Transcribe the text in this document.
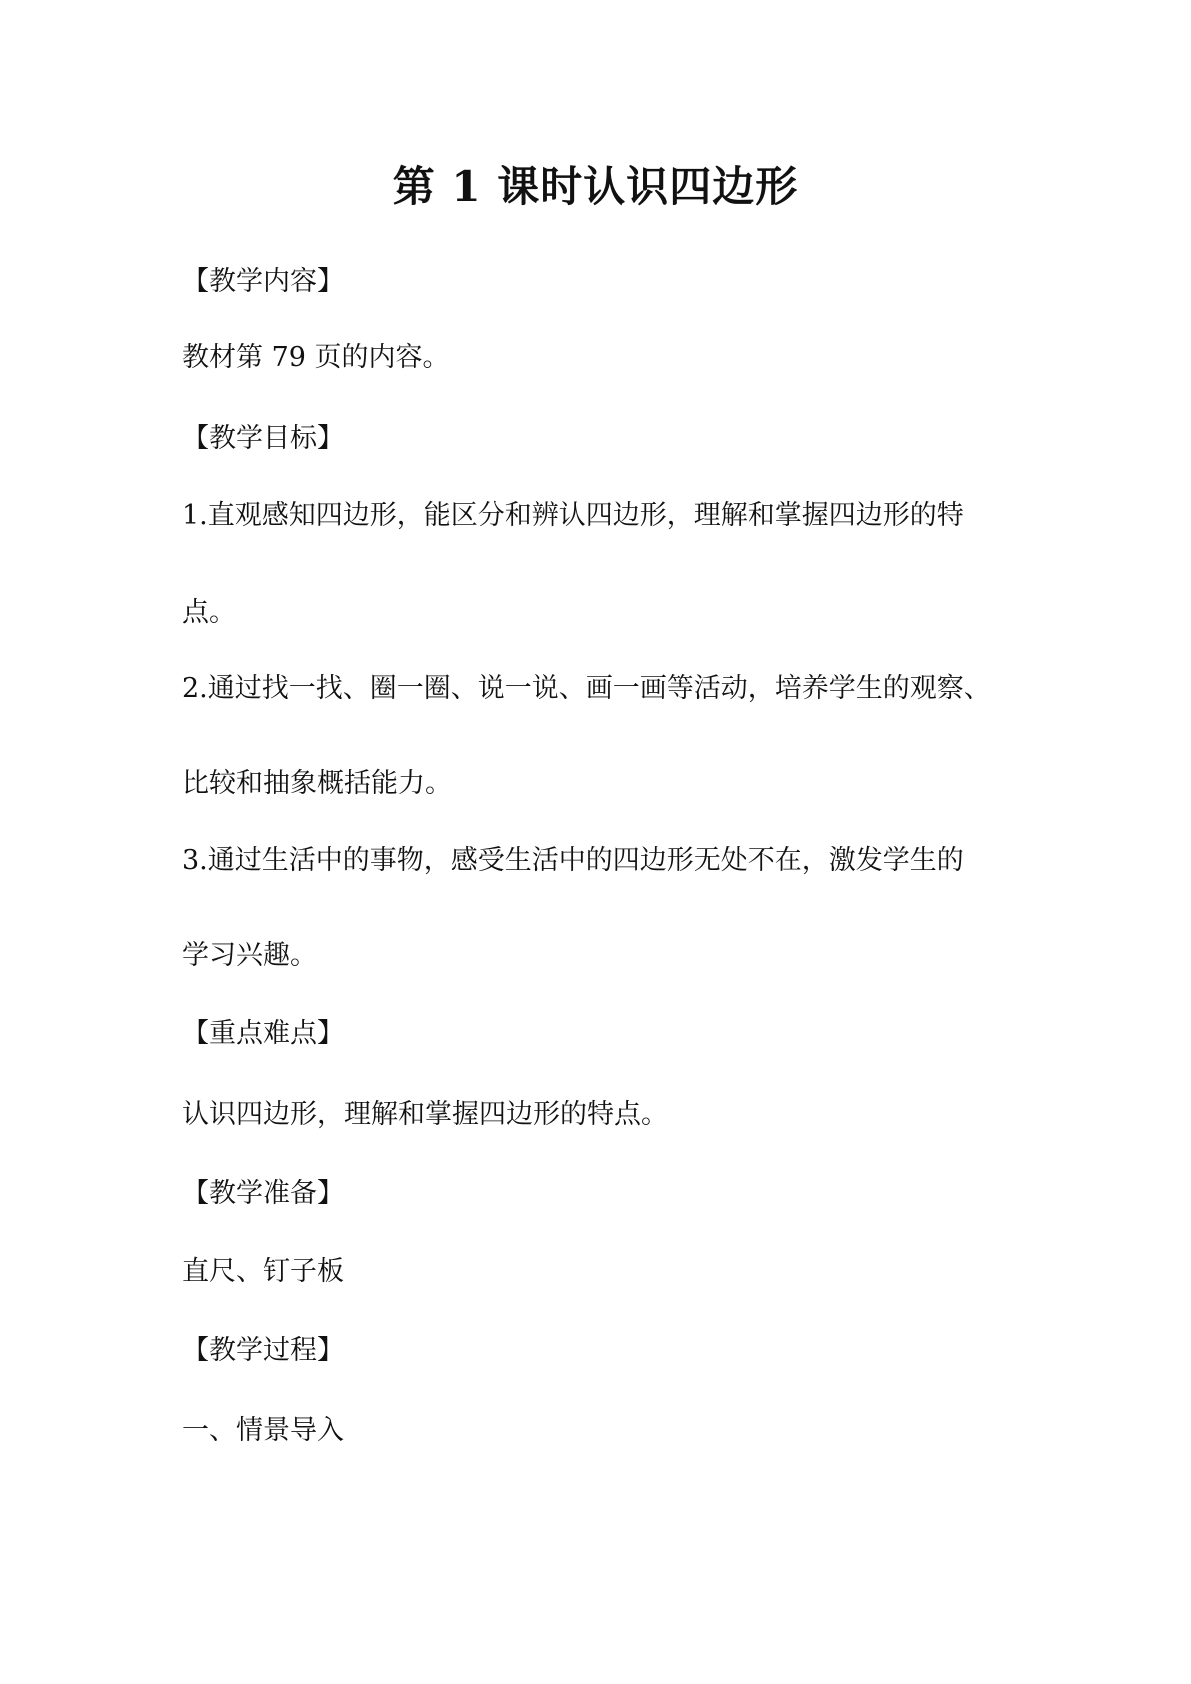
第 1 课时认识四边形
【教学内容】
教材第 79 页的内容。
【教学目标】
1.直观感知四边形，能区分和辨认四边形，理解和掌握四边形的特
点。
2.通过找一找、圈一圈、说一说、画一画等活动，培养学生的观察、
比较和抽象概括能力。
3.通过生活中的事物，感受生活中的四边形无处不在，激发学生的
学习兴趣。
【重点难点】
认识四边形，理解和掌握四边形的特点。
【教学准备】
直尺、钉子板
【教学过程】
一、情景导入
